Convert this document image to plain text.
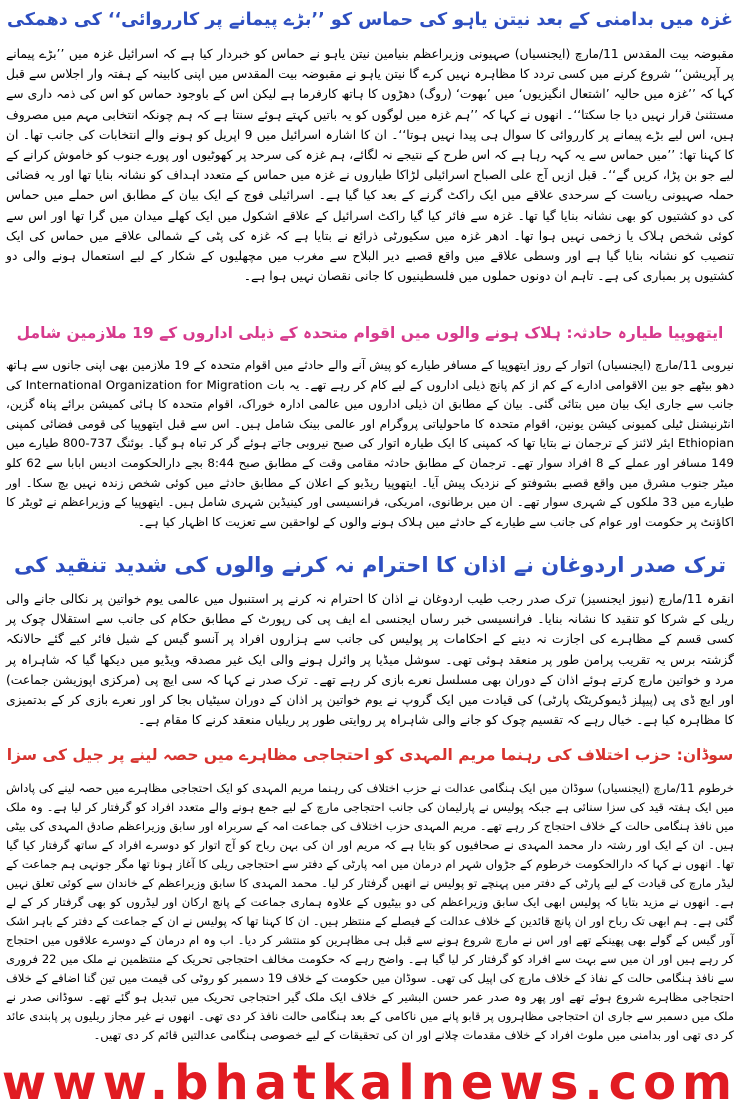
غزہ میں بدامنی کے بعد نیتن یاہو کی حماس کو ’’بڑے پیمانے پر کارروائی‘‘ کی دھمکی

مقبوضہ بیت المقدس 11/مارچ (ایجنسیاں) صہیونی وزیراعظم بنیامین نیتن یاہو نے حماس کو خبردار کیا ہے کہ اسرائیل غزہ میں ’’بڑے پیمانے پر آپریشن‘‘ شروع کرنے میں کسی تردد کا مظاہرہ نہیں کرے گا نیتن یاہو نے مقبوضہ بیت المقدس میں اپنی کابینہ کے ہفتہ وار اجلاس سے قبل کہا کہ ’’غزہ میں حالیہ ’اشتعال انگیزیوں‘ میں ’بھوت‘ (روگ) دھڑوں کا ہاتھ کارفرما ہے لیکن اس کے باوجود حماس کو اس کی ذمہ داری سے مستثنیٰ قرار نہیں دیا جا سکتا‘‘۔ انھوں نے کہا کہ ’’ہم غزہ میں لوگوں کو یہ باتیں کہتے ہوئے سنتا ہے کہ ہم چونکہ انتخابی مہم میں مصروف ہیں، اس لیے بڑے پیمانے پر کارروائی کا سوال ہی پیدا نہیں ہوتا‘‘۔ ان کا اشارہ اسرائیل میں 9 اپریل کو ہونے والے انتخابات کی جانب تھا۔ ان کا کہنا تھا: ’’میں حماس سے یہ کہہ رہا ہے کہ اس طرح کے نتیجے نہ لگائے، ہم غزہ کی سرحد پر کھوٹیوں اور پورے جنوب کو خاموش کرانے کے لیے جو بن پڑا، کریں گے‘‘۔ قبل ازیں آج علی الصباح اسرائیلی لڑاکا طیاروں نے غزہ میں حماس کے متعدد اہداف کو نشانہ بنایا تھا اور یہ فضائی حملہ صہیونی ریاست کے سرحدی علاقے میں ایک راکٹ گرنے کے بعد کیا گیا ہے۔ اسرائیلی فوج کے ایک بیان کے مطابق اس حملے میں حماس کی دو کشتیوں کو بھی نشانہ بنایا گیا تھا۔ غزہ سے فائر کیا گیا راکٹ اسرائیل کے علاقے اشکول میں ایک کھلے میدان میں گرا تھا اور اس سے کوئی شخص ہلاک یا زخمی نہیں ہوا تھا۔ ادھر غزہ میں سکیورٹی ذرائع نے بتایا ہے کہ غزہ کی پٹی کے شمالی علاقے میں حماس کی ایک تنصیب کو نشانہ بنایا گیا ہے اور وسطی علاقے میں واقع قصبے دیر البلاح سے مغرب میں مچھلیوں کے شکار کے لیے استعمال ہونے والی دو کشتیوں پر بمباری کی ہے۔ تاہم ان دونوں حملوں میں فلسطینیوں کا جانی نقصان نہیں ہوا ہے۔

ایتھوپیا طیارہ حادثہ: ہلاک ہونے والوں میں اقوام متحدہ کے ذیلی اداروں کے 19 ملازمین شامل

نیروبی 11/مارچ (ایجنسیاں) اتوار کے روز ایتھوپیا کے مسافر طیارے کو پیش آنے والے حادثے میں اقوام متحدہ کے 19 ملازمین بھی اپنی جانوں سے ہاتھ دھو بیٹھے جو بین الاقوامی ادارے کے کم از کم پانچ ذیلی اداروں کے لیے کام کر رہے تھے۔ یہ بات International Organization for Migration کی جانب سے جاری ایک بیان میں بتائی گئی۔ بیان کے مطابق ان ذیلی اداروں میں عالمی ادارہ خوراک، اقوام متحدہ کا ہائی کمیشن برائے پناہ گزین، انٹرنیشنل ٹیلی کمیونی کیشن یونین، اقوام متحدہ کا ماحولیاتی پروگرام اور عالمی بینک شامل ہیں۔ اس سے قبل ایتھوپیا کی قومی فضائی کمپنی Ethiopian ایئر لائنز کے ترجمان نے بتایا تھا کہ کمپنی کا ایک طیارہ اتوار کی صبح نیروبی جاتے ہوئے گر کر تباہ ہو گیا۔ بوئنگ 737-800 طیارے میں 149 مسافر اور عملے کے 8 افراد سوار تھے۔ ترجمان کے مطابق حادثہ مقامی وقت کے مطابق صبح 8:44 بجے دارالحکومت ادیس ابابا سے 62 کلو میٹر جنوب مشرق میں واقع قصبے بشوفتو کے نزدیک پیش آیا۔ ایتھوپیا ریڈیو کے اعلان کے مطابق حادثے میں کوئی شخص زندہ نہیں بچ سکا۔ اور طیارے میں 33 ملکوں کے شہری سوار تھے۔ ان میں برطانوی، امریکی، فرانسیسی اور کینیڈین شہری شامل ہیں۔ ایتھوپیا کے وزیراعظم نے ٹویٹر کا اکاؤنٹ پر حکومت اور عوام کی جانب سے طیارے کے حادثے میں ہلاک ہونے والوں کے لواحقین سے تعزیت کا اظہار کیا ہے۔

ترک صدر اردوغان نے اذان کا احترام نہ کرنے والوں کی شدید تنقید کی

انقرہ 11/مارچ (نیوز ایجنسیز) ترک صدر رجب طیب اردوغان نے اذان کا احترام نہ کرنے پر استنبول میں عالمی یوم خواتین پر نکالی جانے والی ریلی کے شرکا کو تنقید کا نشانہ بنایا۔ فرانسیسی خبر رساں ایجنسی اے ایف پی کی رپورٹ کے مطابق حکام کی جانب سے استقلال چوک پر کسی قسم کے مظاہرے کی اجازت نہ دینے کے احکامات پر پولیس کی جانب سے ہزاروں افراد پر آنسو گیس کے شیل فائر کیے گئے حالانکہ گزشتہ برس یہ تقریب پرامن طور پر منعقد ہوئی تھی۔ سوشل میڈیا پر وائرل ہونے والی ایک غیر مصدقہ ویڈیو میں دیکھا گیا کہ شاہراہ پر مرد و خواتین مارچ کرتے ہوئے اذان کے دوران بھی مسلسل نعرے بازی کر رہے تھے۔ ترک صدر نے کہا کہ سی ایچ پی (مرکزی اپوزیشن جماعت) اور ایچ ڈی پی (پیپلز ڈیموکریٹک پارٹی) کی قیادت میں ایک گروپ نے یوم خواتین پر اذان کے دوران سیٹیاں بجا کر اور نعرے بازی کر کے بدتمیزی کا مظاہرہ کیا ہے۔ خیال رہے کہ تقسیم چوک کو جانے والی شاہراہ پر روایتی طور پر ریلیاں منعقد کرنے کا مقام ہے۔

سوڈان: حزب اختلاف کی رہنما مریم المہدی کو احتجاجی مظاہرے میں حصہ لینے پر جیل کی سزا

خرطوم 11/مارچ (ایجنسیاں) سوڈان میں ایک ہنگامی عدالت نے حزب اختلاف کی رہنما مریم المہدی کو ایک احتجاجی مظاہرے میں حصہ لینے کی پاداش میں ایک ہفتہ قید کی سزا سنائی ہے جبکہ پولیس نے پارلیمان کی جانب احتجاجی مارچ کے لیے جمع ہونے والے متعدد افراد کو گرفتار کر لیا ہے۔ وہ ملک میں نافذ ہنگامی حالت کے خلاف احتجاج کر رہے تھے۔ مریم المہدی حزب اختلاف کی جماعت امہ کے سربراہ اور سابق وزیراعظم صادق المہدی کی بیٹی ہیں۔ ان کے ایک اور رشتہ دار محمد المہدی نے صحافیوں کو بتایا ہے کہ مریم اور ان کی بہن رباح کو آج اتوار کو دوسرے افراد کے ساتھ گرفتار کیا گیا تھا۔ انھوں نے کہا کہ دارالحکومت خرطوم کے جڑواں شہر ام درمان میں امہ پارٹی کے دفتر سے احتجاجی ریلی کا آغاز ہونا تھا مگر جونہی ہم جماعت کے لیڈر مارچ کی قیادت کے لیے پارٹی کے دفتر میں پہنچے تو پولیس نے انھیں گرفتار کر لیا۔ محمد المہدی کا سابق وزیراعظم کے خاندان سے کوئی تعلق نہیں ہے۔ انھوں نے مزید بتایا کہ پولیس ابھی ایک سابق وزیراعظم کی دو بیٹیوں کے علاوہ ہماری جماعت کے پانچ ارکان اور لیڈروں کو بھی گرفتار کر کے لے گئی ہے۔ ہم ابھی تک رباح اور ان پانچ قائدین کے خلاف عدالت کے فیصلے کے منتظر ہیں۔ ان کا کہنا تھا کہ پولیس نے ان کے جماعت کے دفتر کے باہر اشک آور گیس کے گولے بھی پھینکے تھے اور اس نے مارچ شروع ہونے سے قبل ہی مظاہرین کو منتشر کر دیا۔ اب وہ ام درمان کے دوسرے علاقوں میں احتجاج کر رہے ہیں اور ان میں سے بہت سے افراد کو گرفتار کر لیا گیا ہے۔ واضح رہے کہ حکومت مخالف احتجاجی تحریک کے منتظمین نے ملک میں 22 فروری سے نافذ ہنگامی حالت کے نفاذ کے خلاف مارچ کی اپیل کی تھی۔ سوڈان میں حکومت کے خلاف 19 دسمبر کو روٹی کی قیمت میں تین گنا اضافے کے خلاف احتجاجی مظاہرے شروع ہوئے تھے اور پھر وہ صدر عمر حسن البشیر کے خلاف ایک ملک گیر احتجاجی تحریک میں تبدیل ہو گئے تھے۔ سوڈانی صدر نے ملک میں دسمبر سے جاری ان احتجاجی مظاہروں پر قابو پانے میں ناکامی کے بعد ہنگامی حالت نافذ کر دی تھی۔ انھوں نے غیر مجاز ریلیوں پر پابندی عائد کر دی تھی اور بدامنی میں ملوث افراد کے خلاف مقدمات چلانے اور ان کی تحقیقات کے لیے خصوصی ہنگامی عدالتیں قائم کر دی تھیں۔

www.bhatkalnews.com
